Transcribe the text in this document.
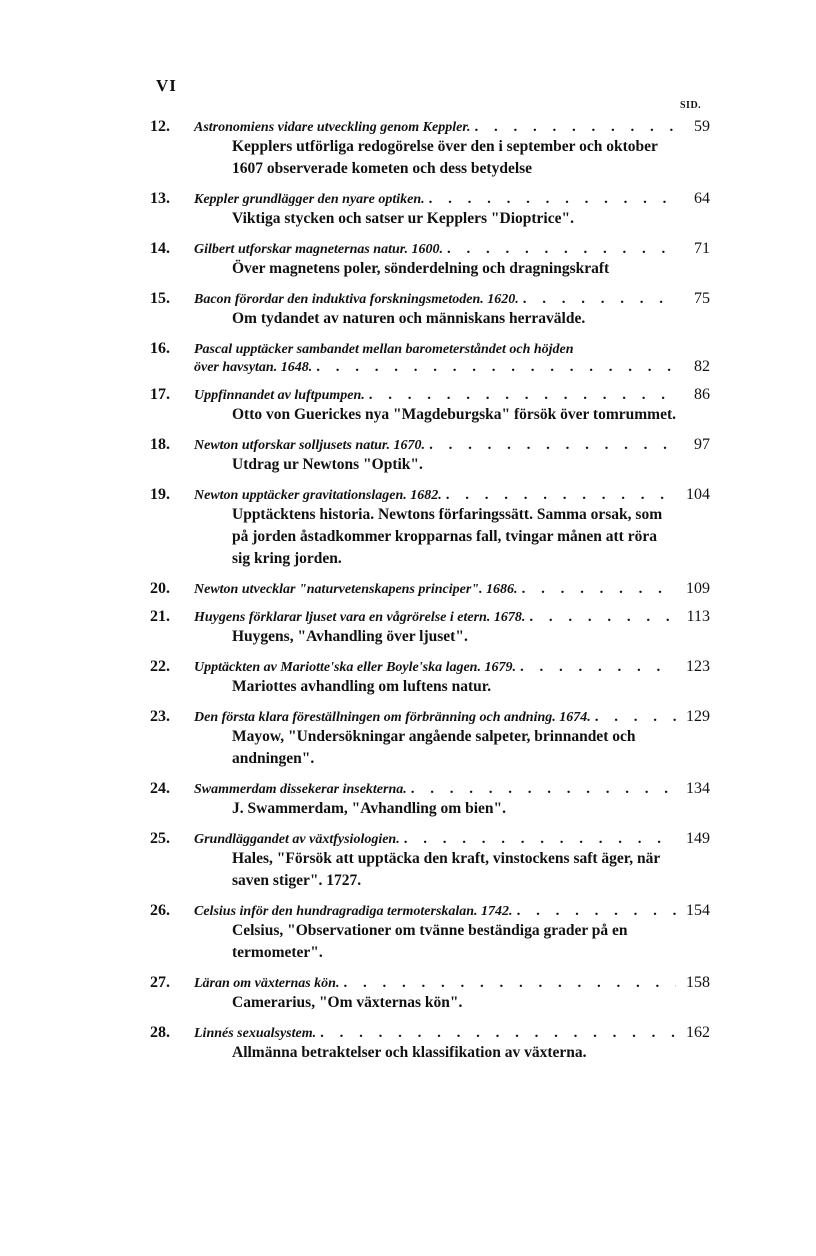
VI
SID.
12.	Astronomiens vidare utveckling genom Keppler. . . .	59
Kepplers utförliga redogörelse över den i september och oktober 1607 observerade kometen och dess betydelse
13.	Keppler grundlägger den nyare optiken. . . .	64
Viktiga stycken och satser ur Kepplers "Dioptrice".
14.	Gilbert utforskar magneternas natur. 1600. . . .	71
Över magnetens poler, sönderdelning och dragningskraft
15.	Bacon förordar den induktiva forskningsmetoden. 1620. . . .	75
Om tydandet av naturen och människans herravälde.
16.	Pascal upptäcker sambandet mellan barometerståndet och höjden
över havsytan. 1648. . . .	82
17.	Uppfinnandet av luftpumpen. . . .	86
Otto von Guerickes nya "Magdeburgska" försök över tomrummet.
18.	Newton utforskar solljusets natur. 1670. . . .	97
Utdrag ur Newtons "Optik".
19.	Newton upptäcker gravitationslagen. 1682. . . .	104
Upptäcktens historia. Newtons förfaringssätt. Samma orsak, som på jorden åstadkommer kropparnas fall, tvingar månen att röra sig kring jorden.
20.	Newton utvecklar "naturvetenskapens principer". 1686. . . .	109
21.	Huygens förklarar ljuset vara en vågrörelse i etern. 1678. . . .	113
Huygens, "Avhandling över ljuset".
22.	Upptäckten av Mariotte'ska eller Boyle'ska lagen. 1679. . . .	123
Mariottes avhandling om luftens natur.
23.	Den första klara föreställningen om förbränning och andning. 1674. . . .	129
Mayow, "Undersökningar angående salpeter, brinnandet och andningen".
24.	Swammerdam dissekerar insekterna. . . .	134
J. Swammerdam, "Avhandling om bien".
25.	Grundläggandet av växtfysiologien. . . .	149
Hales, "Försök att upptäcka den kraft, vinstockens saft äger, när saven stiger". 1727.
26.	Celsius inför den hundragradiga termoterskalan. 1742. . . .	154
Celsius, "Observationer om tvänne beständiga grader på en termometer".
27.	Läran om växternas kön. . . .	158
Camerarius, "Om växternas kön".
28.	Linnés sexualsystem. . . .	162
Allmänna betraktelser och klassifikation av växterna.
